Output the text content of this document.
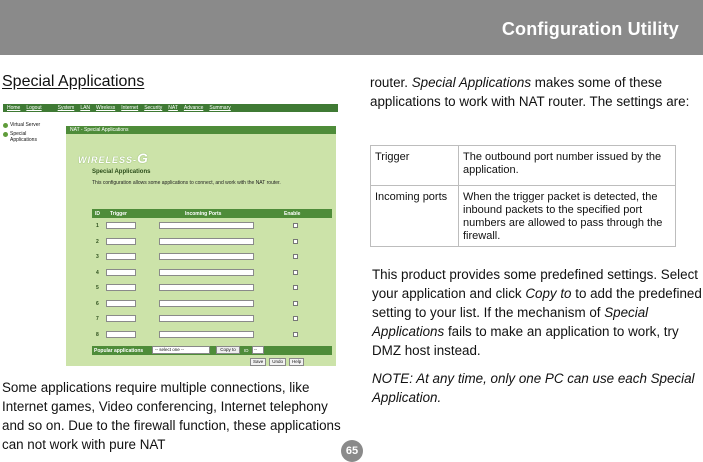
Configuration Utility
Special Applications
Home Logout	System LAN Wireless Internet Security NAT Advance Summary
Virtual Server
Special Applications
NAT - Special Applications
WIRELESS-G
Special Applications
This configuration allows some applications to connect, and work with the NAT router.
ID Trigger	Incoming Ports	Enable
1
2
3
4
5
6
7
8
Popular applications	-- select one --	Copy to	ID	--
Save	Undo	Help
Some applications require multiple connections, like Internet games, Video conferencing, Internet telephony and so on. Due to the firewall function, these applications can not work with pure NAT
router. Special Applications makes some of these applications to work with NAT router. The settings are:
Trigger	The outbound port number issued by the application.
Incoming ports	When the trigger packet is detected, the inbound packets to the specified port numbers are allowed to pass through the firewall.
This product provides some predefined settings. Select your application and click Copy to to add the predefined setting to your list. If the mechanism of Special Applications fails to make an application to work, try DMZ host instead.
NOTE: At any time, only one PC can use each Special Application.
65
